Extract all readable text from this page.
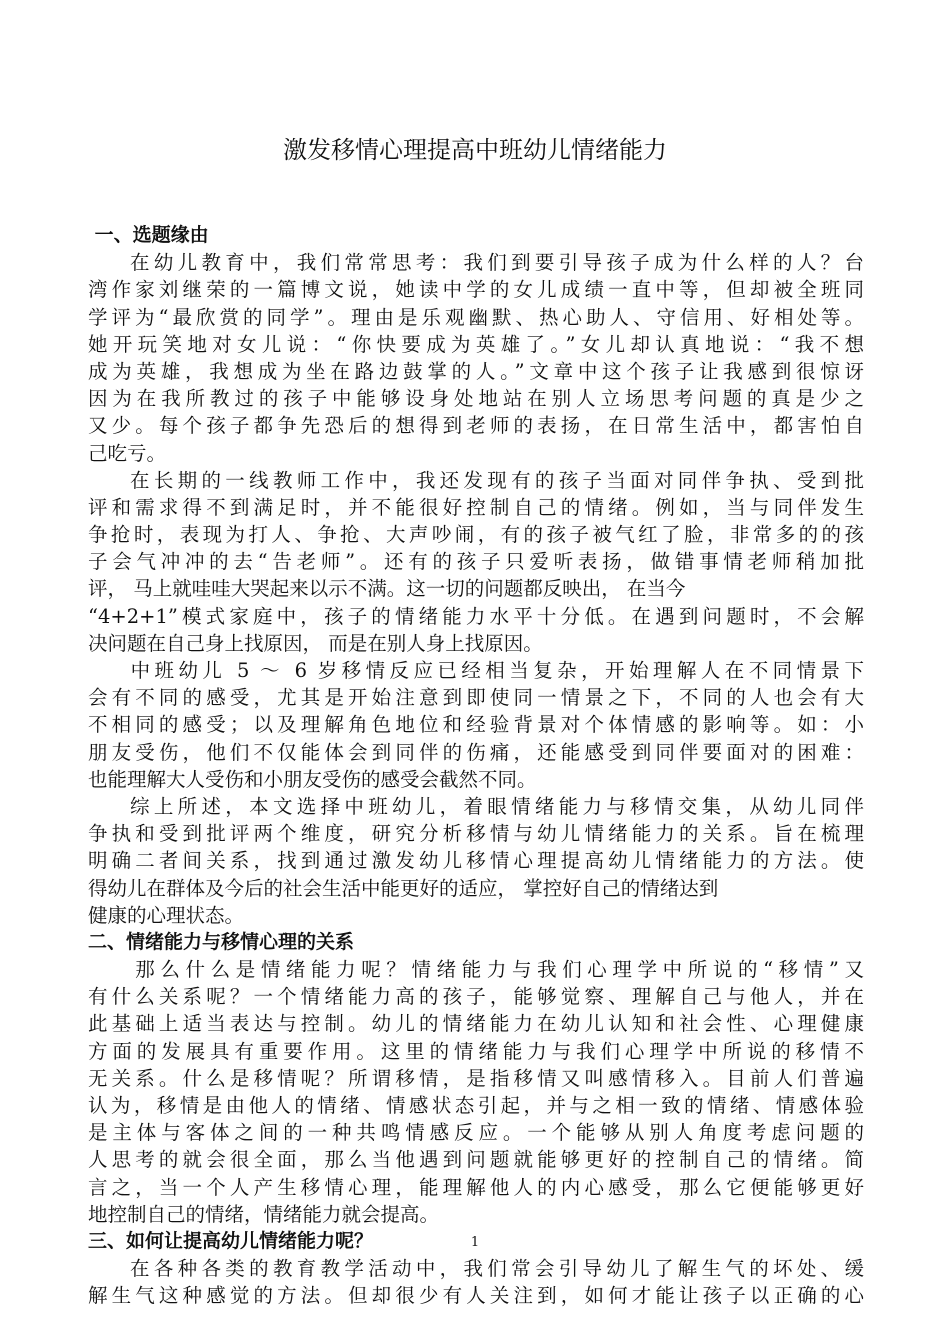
激发移情心理提高中班幼儿情绪能力
一、选题缘由
在幼儿教育中，我们常常思考：我们到要引导孩子成为什么样的人？台
湾作家刘继荣的一篇博文说，她读中学的女儿成绩一直中等，但却被全班同
学评为“最欣赏的同学”。理由是乐观幽默、热心助人、守信用、好相处等。
她开玩笑地对女儿说：“你快要成为英雄了。”女儿却认真地说：“我不想
成为英雄，我想成为坐在路边鼓掌的人。”文章中这个孩子让我感到很惊讶
因为在我所教过的孩子中能够设身处地站在别人立场思考问题的真是少之
又少。每个孩子都争先恐后的想得到老师的表扬，在日常生活中，都害怕自
己吃亏。
在长期的一线教师工作中，我还发现有的孩子当面对同伴争执、受到批
评和需求得不到满足时，并不能很好控制自己的情绪。例如，当与同伴发生
争抢时，表现为打人、争抢、大声吵闹，有的孩子被气红了脸，非常多的的孩
子会气冲冲的去“告老师”。还有的孩子只爱听表扬，做错事情老师稍加批
评， 马上就哇哇大哭起来以示不满。这一切的问题都反映出， 在当今
“4+2+1”模式家庭中，孩子的情绪能力水平十分低。在遇到问题时，不会解
决问题在自己身上找原因， 而是在别人身上找原因。
中班幼儿 5 ～ 6 岁移情反应已经相当复杂，开始理解人在不同情景下
会有不同的感受，尤其是开始注意到即使同一情景之下，不同的人也会有大
不相同的感受；以及理解角色地位和经验背景对个体情感的影响等。如：小
朋友受伤，他们不仅能体会到同伴的伤痛，还能感受到同伴要面对的困难：
也能理解大人受伤和小朋友受伤的感受会截然不同。
综上所述，本文选择中班幼儿，着眼情绪能力与移情交集，从幼儿同伴
争执和受到批评两个维度，研究分析移情与幼儿情绪能力的关系。旨在梳理
明确二者间关系，找到通过激发幼儿移情心理提高幼儿情绪能力的方法。使
得幼儿在群体及今后的社会生活中能更好的适应， 掌控好自己的情绪达到
健康的心理状态。
二、情绪能力与移情心理的关系
那么什么是情绪能力呢？情绪能力与我们心理学中所说的“移情”又
有什么关系呢？一个情绪能力高的孩子，能够觉察、理解自己与他人，并在
此基础上适当表达与控制。幼儿的情绪能力在幼儿认知和社会性、心理健康
方面的发展具有重要作用。这里的情绪能力与我们心理学中所说的移情不
无关系。什么是移情呢？所谓移情，是指移情又叫感情移入。目前人们普遍
认为，移情是由他人的情绪、情感状态引起，并与之相一致的情绪、情感体验
是主体与客体之间的一种共鸣情感反应。一个能够从别人角度考虑问题的
人思考的就会很全面，那么当他遇到问题就能够更好的控制自己的情绪。简
言之，当一个人产生移情心理，能理解他人的内心感受，那么它便能够更好
地控制自己的情绪，情绪能力就会提高。
三、如何让提高幼儿情绪能力呢？
在各种各类的教育教学活动中，我们常会引导幼儿了解生气的坏处、缓
解生气这种感觉的方法。但却很少有人关注到，如何才能让孩子以正确的心
1
